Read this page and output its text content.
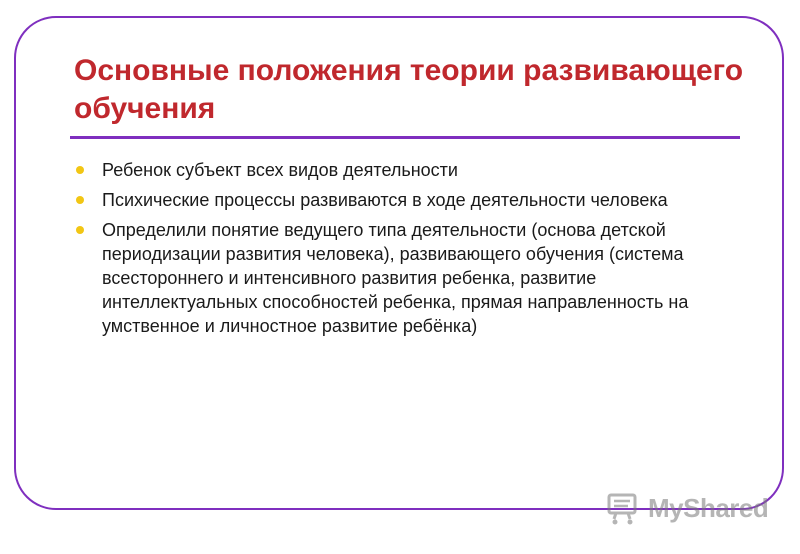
Основные положения теории развивающего обучения
Ребенок субъект всех видов деятельности
Психические процессы развиваются в ходе деятельности человека
Определили понятие ведущего типа деятельности (основа детской периодизации развития человека), развивающего обучения (система всестороннего и интенсивного развития ребенка, развитие интеллектуальных способностей ребенка, прямая направленность на умственное и личностное развитие ребёнка)
MyShared
